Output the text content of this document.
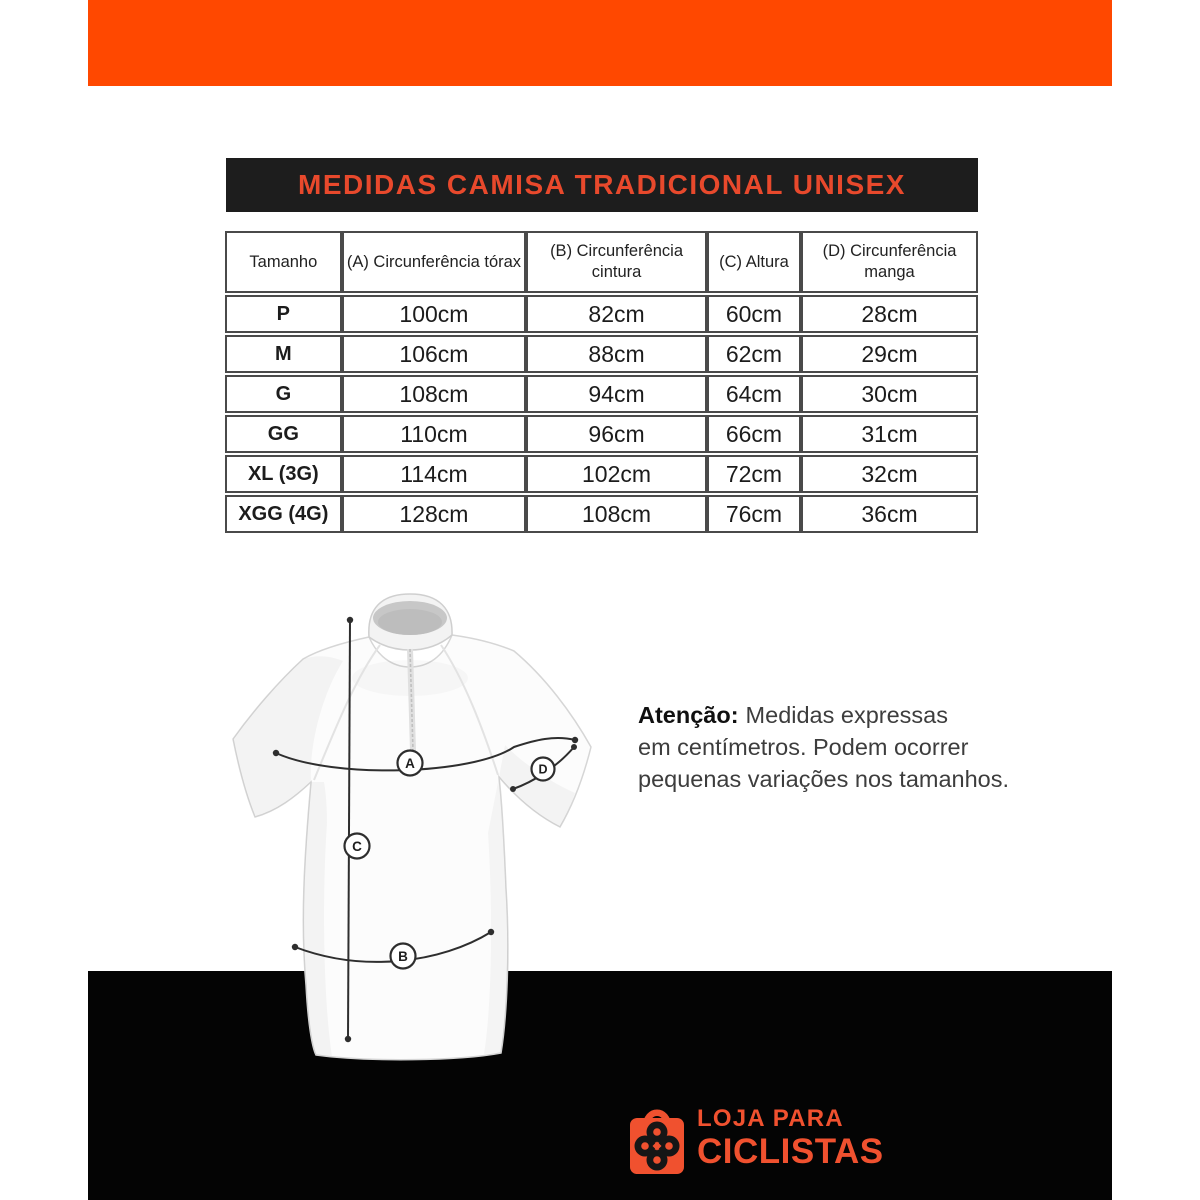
MEDIDAS CAMISA TRADICIONAL UNISEX
Tamanho	(A) Circunferência tórax	(B) Circunferência cintura	(C) Altura	(D) Circunferência manga
P	100cm	82cm	60cm	28cm
M	106cm	88cm	62cm	29cm
G	108cm	94cm	64cm	30cm
GG	110cm	96cm	66cm	31cm
XL (3G)	114cm	102cm	72cm	32cm
XGG (4G)	128cm	108cm	76cm	36cm
A	D
C
B
Atenção: Medidas expressas
em centímetros. Podem ocorrer
pequenas variações nos tamanhos.
LOJA PARA
CICLISTAS
